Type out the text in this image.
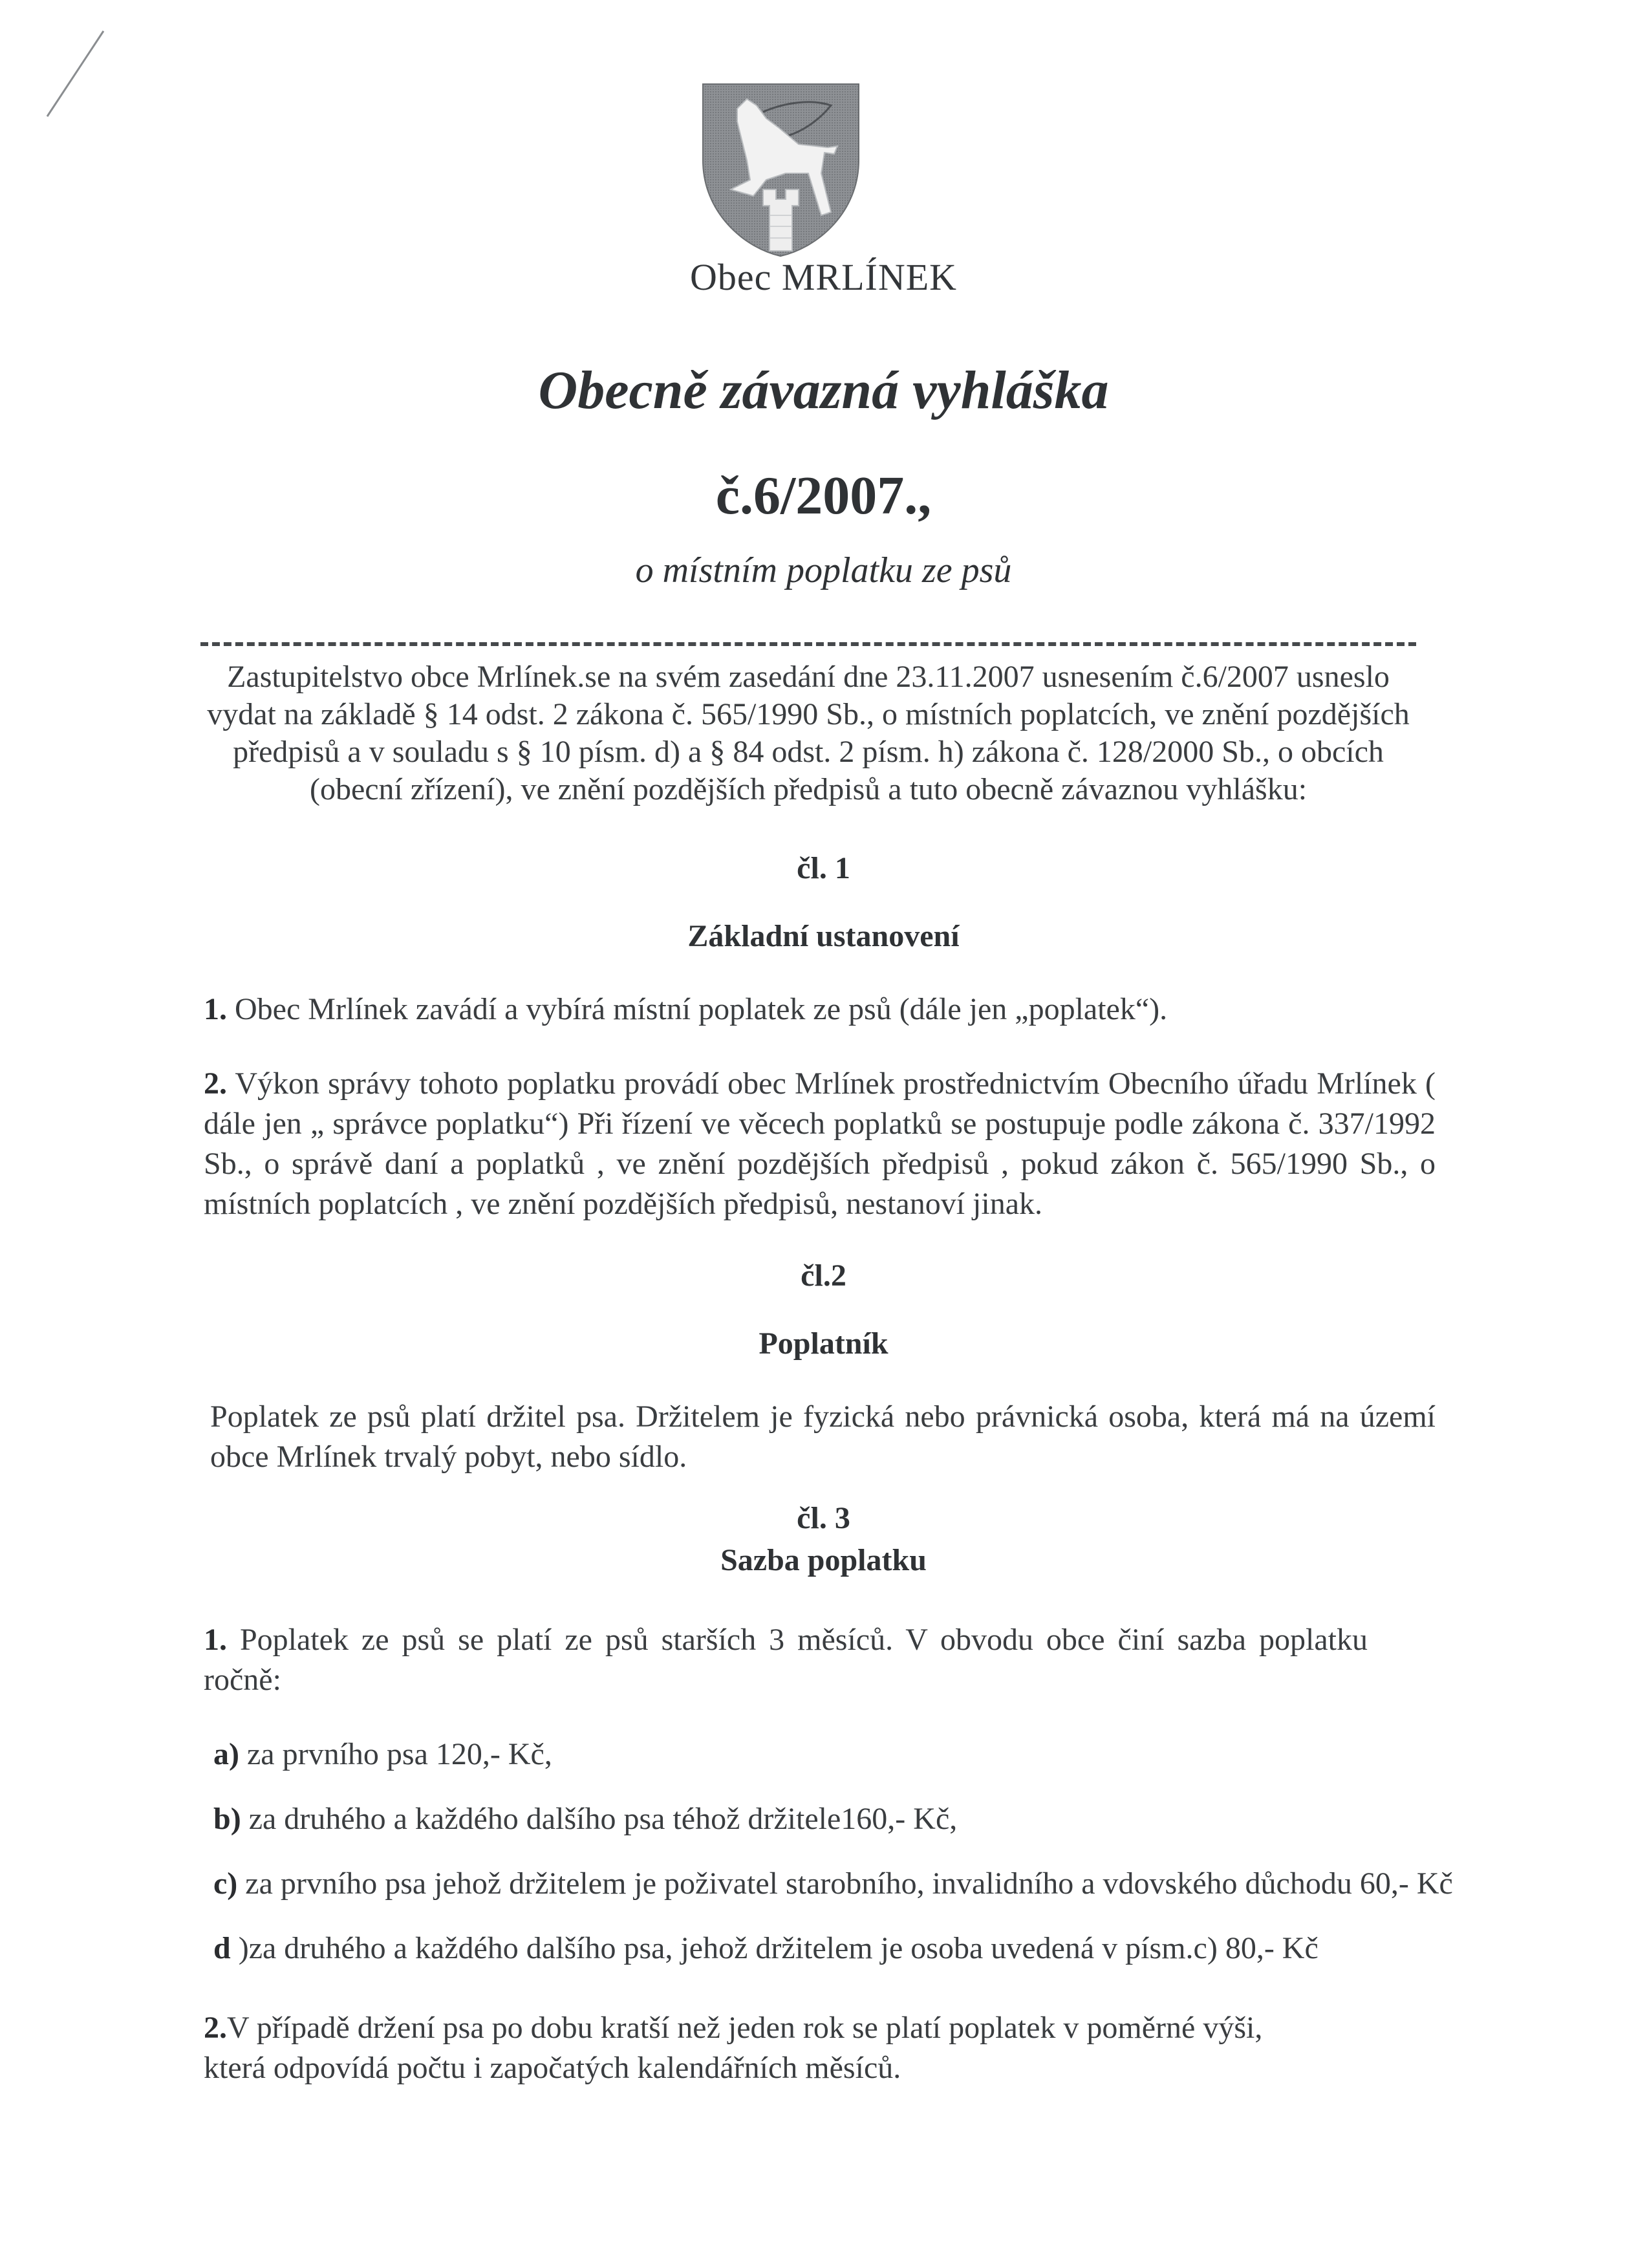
Obec MRLÍNEK
Obecně závazná vyhláška
č.6/2007.,
o místním poplatku ze psů
Zastupitelstvo obce Mrlínek.se na svém zasedání dne 23.11.2007 usnesením č.6/2007 usneslo vydat na základě § 14 odst. 2 zákona č. 565/1990 Sb., o místních poplatcích, ve znění pozdějších předpisů a v souladu s § 10 písm. d) a § 84 odst. 2 písm. h) zákona č. 128/2000 Sb., o obcích (obecní zřízení), ve znění pozdějších předpisů a tuto obecně závaznou vyhlášku:
čl. 1
Základní ustanovení
1. Obec Mrlínek zavádí a vybírá místní poplatek ze psů (dále jen „poplatek“).
2. Výkon správy tohoto poplatku provádí obec Mrlínek prostřednictvím Obecního úřadu Mrlínek ( dále jen „ správce poplatku“) Při řízení ve věcech poplatků se postupuje podle zákona č. 337/1992 Sb., o správě daní a poplatků , ve znění pozdějších předpisů , pokud zákon č. 565/1990 Sb., o místních poplatcích , ve znění pozdějších předpisů, nestanoví jinak.
čl.2
Poplatník
Poplatek ze psů platí držitel psa. Držitelem je fyzická nebo právnická osoba, která má na území obce Mrlínek trvalý pobyt, nebo sídlo.
čl. 3
Sazba poplatku
1. Poplatek ze psů se platí ze psů starších 3 měsíců. V obvodu obce činí sazba poplatku ročně:
a) za prvního psa 120,- Kč,
b) za druhého a každého dalšího psa téhož držitele160,- Kč,
c) za prvního psa jehož držitelem je poživatel starobního, invalidního a vdovského důchodu 60,- Kč
d )za druhého a každého dalšího psa, jehož držitelem je osoba uvedená v písm.c) 80,- Kč
2.V případě držení psa po dobu kratší než jeden rok se platí poplatek v poměrné výši, která odpovídá počtu i započatých kalendářních měsíců.
